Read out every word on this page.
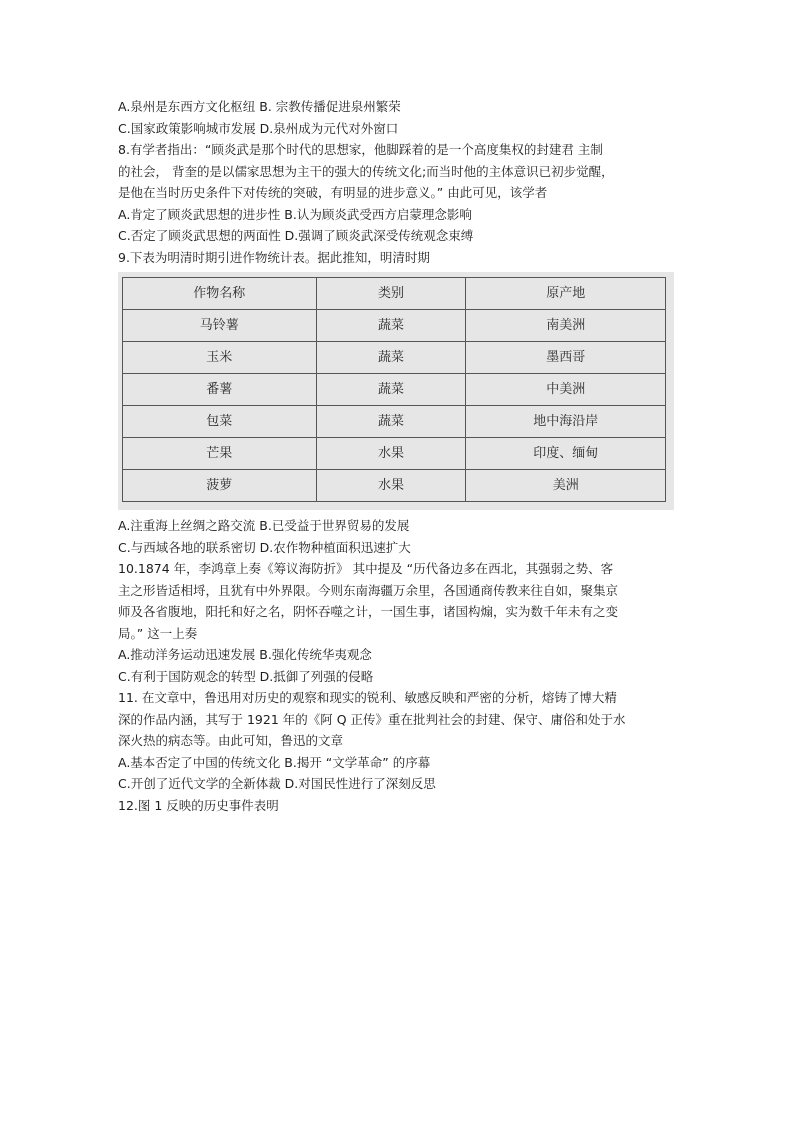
A.泉州是东西方文化枢纽 B. 宗教传播促进泉州繁荣
C.国家政策影响城市发展 D.泉州成为元代对外窗口
8.有学者指出：“顾炎武是那个时代的思想家，他脚踩着的是一个高度集权的封建君 主制
的社会， 背奎的是以儒家思想为主干的强大的传统文化;而当时他的主体意识已初步觉醒，
是他在当时历史条件下对传统的突破，有明显的进步意义。” 由此可见，该学者
A.肯定了顾炎武思想的进步性 B.认为顾炎武受西方启蒙理念影响
C.否定了顾炎武思想的两面性 D.强调了顾炎武深受传统观念束缚
9.下表为明清时期引进作物统计表。据此推知，明清时期
作物名称	类别	原产地
马铃薯	蔬菜	南美洲
玉米	蔬菜	墨西哥
番薯	蔬菜	中美洲
包菜	蔬菜	地中海沿岸
芒果	水果	印度、缅甸
菠萝	水果	美洲
A.注重海上丝绸之路交流 B.已受益于世界贸易的发展
C.与西域各地的联系密切 D.农作物种植面积迅速扩大
10.1874 年，李鸿章上奏《筹议海防折》 其中提及 “历代备边多在西北，其强弱之势、客
主之形皆适相埒，且犹有中外界限。今则东南海疆万余里，各国通商传教来往自如，聚集京
师及各省腹地，阳托和好之名，阴怀吞噬之计，一国生事，诸国构煽，实为数千年未有之变
局。” 这一上奏
A.推动洋务运动迅速发展 B.强化传统华夷观念
C.有利于国防观念的转型 D.抵御了列强的侵略
11. 在文章中，鲁迅用对历史的观察和现实的锐利、敏感反映和严密的分析，熔铸了博大精
深的作品内涵，其写于 1921 年的《阿 Q 正传》重在批判社会的封建、保守、庸俗和处于水
深火热的病态等。由此可知，鲁迅的文章
A.基本否定了中国的传统文化 B.揭开 “文学革命” 的序幕
C.开创了近代文学的全新体裁 D.对国民性进行了深刻反思
12.图 1 反映的历史事件表明
